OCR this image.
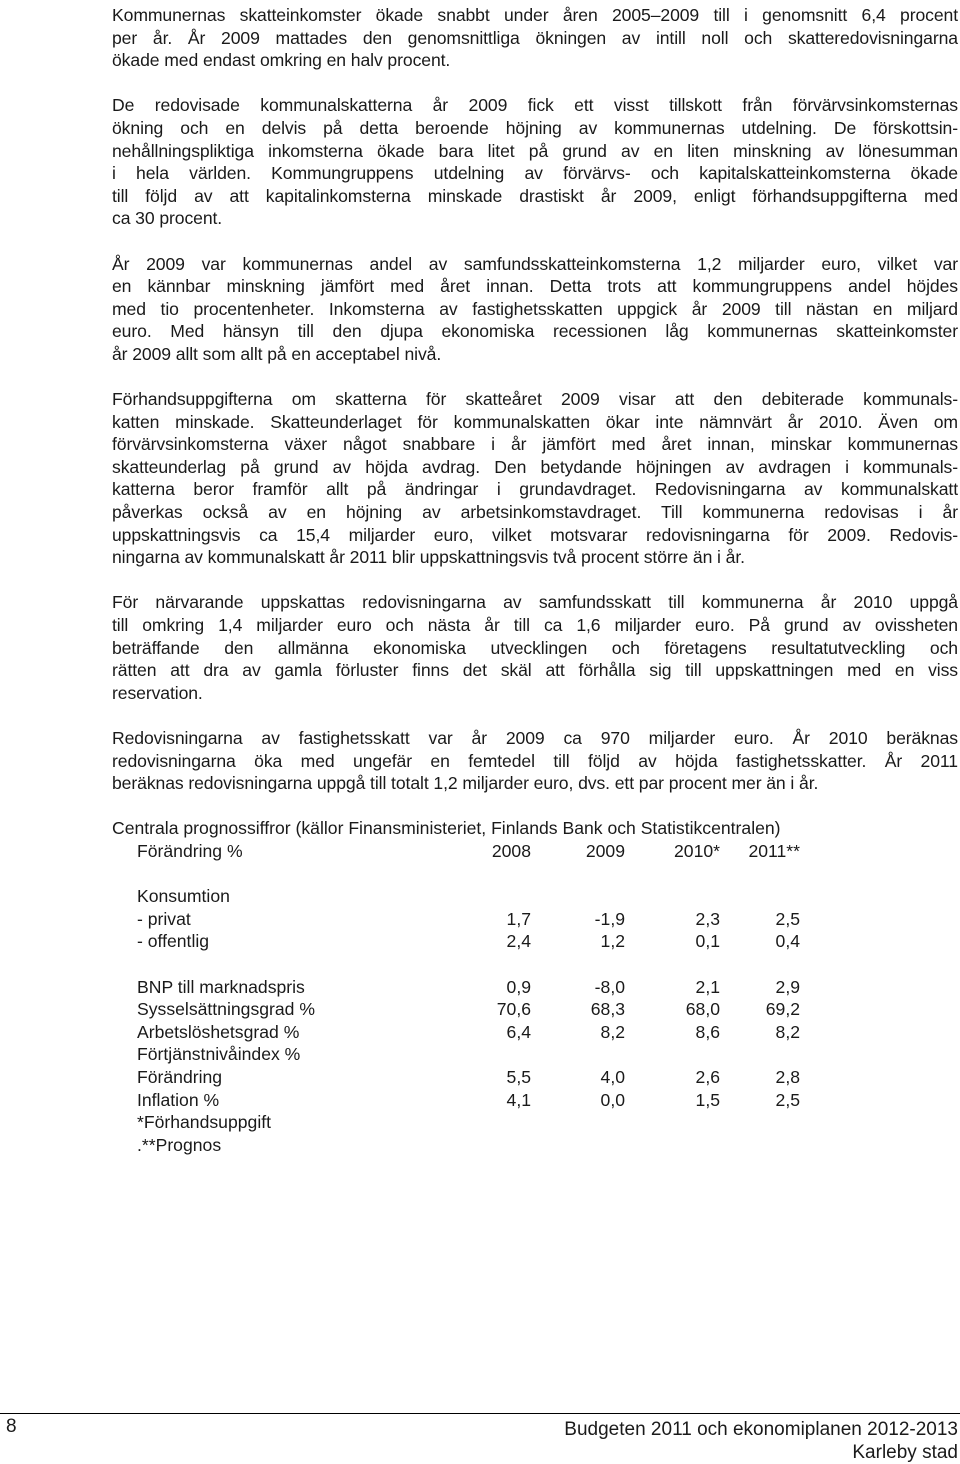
Kommunernas skatteinkomster ökade snabbt under åren 2005–2009 till i genomsnitt 6,4 procent
per år. År 2009 mattades den genomsnittliga ökningen av intill noll och skatteredovisningarna
ökade med endast omkring en halv procent.
De redovisade kommunalskatterna år 2009 fick ett visst tillskott från förvärvsinkomsternas
ökning och en delvis på detta beroende höjning av kommunernas utdelning. De förskottsin-
nehållningspliktiga inkomsterna ökade bara litet på grund av en liten minskning av lönesumman
i hela världen. Kommungruppens utdelning av förvärvs- och kapitalskatteinkomsterna ökade
till följd av att kapitalinkomsterna minskade drastiskt år 2009, enligt förhandsuppgifterna med
ca 30 procent.
År 2009 var kommunernas andel av samfundsskatteinkomsterna 1,2 miljarder euro, vilket var
en kännbar minskning jämfört med året innan. Detta trots att kommungruppens andel höjdes
med tio procentenheter. Inkomsterna av fastighetsskatten uppgick år 2009 till nästan en miljard
euro. Med hänsyn till den djupa ekonomiska recessionen låg kommunernas skatteinkomster
år 2009 allt som allt på en acceptabel nivå.
Förhandsuppgifterna om skatterna för skatteåret 2009 visar att den debiterade kommunals-
katten minskade. Skatteunderlaget för kommunalskatten ökar inte nämnvärt år 2010. Även om
förvärvsinkomsterna växer något snabbare i år jämfört med året innan, minskar kommunernas
skatteunderlag på grund av höjda avdrag. Den betydande höjningen av avdragen i kommunals-
katterna beror framför allt på ändringar i grundavdraget. Redovisningarna av kommunalskatt
påverkas också av en höjning av arbetsinkomstavdraget. Till kommunerna redovisas i år
uppskattningsvis ca 15,4 miljarder euro, vilket motsvarar redovisningarna för 2009. Redovis-
ningarna av kommunalskatt år 2011 blir uppskattningsvis två procent större än i år.
För närvarande uppskattas redovisningarna av samfundsskatt till kommunerna år 2010 uppgå
till omkring 1,4 miljarder euro och nästa år till ca 1,6 miljarder euro. På grund av ovissheten
beträffande den allmänna ekonomiska utvecklingen och företagens resultatutveckling och
rätten att dra av gamla förluster finns det skäl att förhålla sig till uppskattningen med en viss
reservation.
Redovisningarna av fastighetsskatt var år 2009 ca 970 miljarder euro. År 2010 beräknas
redovisningarna öka med ungefär en femtedel till följd av höjda fastighetsskatter. År 2011
beräknas redovisningarna uppgå till totalt 1,2 miljarder euro, dvs. ett par procent mer än i år.
Centrala prognossiffror (källor Finansministeriet, Finlands Bank och Statistikcentralen)
Förändring %	2008	2009	2010*	2011**

Konsumtion				
- privat	1,7	-1,9	2,3	2,5
- offentlig	2,4	1,2	0,1	0,4

BNP till marknadspris	0,9	-8,0	2,1	2,9
Sysselsättningsgrad %	70,6	68,3	68,0	69,2
Arbetslöshetsgrad %	6,4	8,2	8,6	8,2
Förtjänstnivåindex %				
Förändring	5,5	4,0	2,6	2,8
Inflation %	4,1	0,0	1,5	2,5
*Förhandsuppgift				
.**Prognos				
8	Budgeten 2011 och ekonomiplanen 2012-2013
Karleby stad
